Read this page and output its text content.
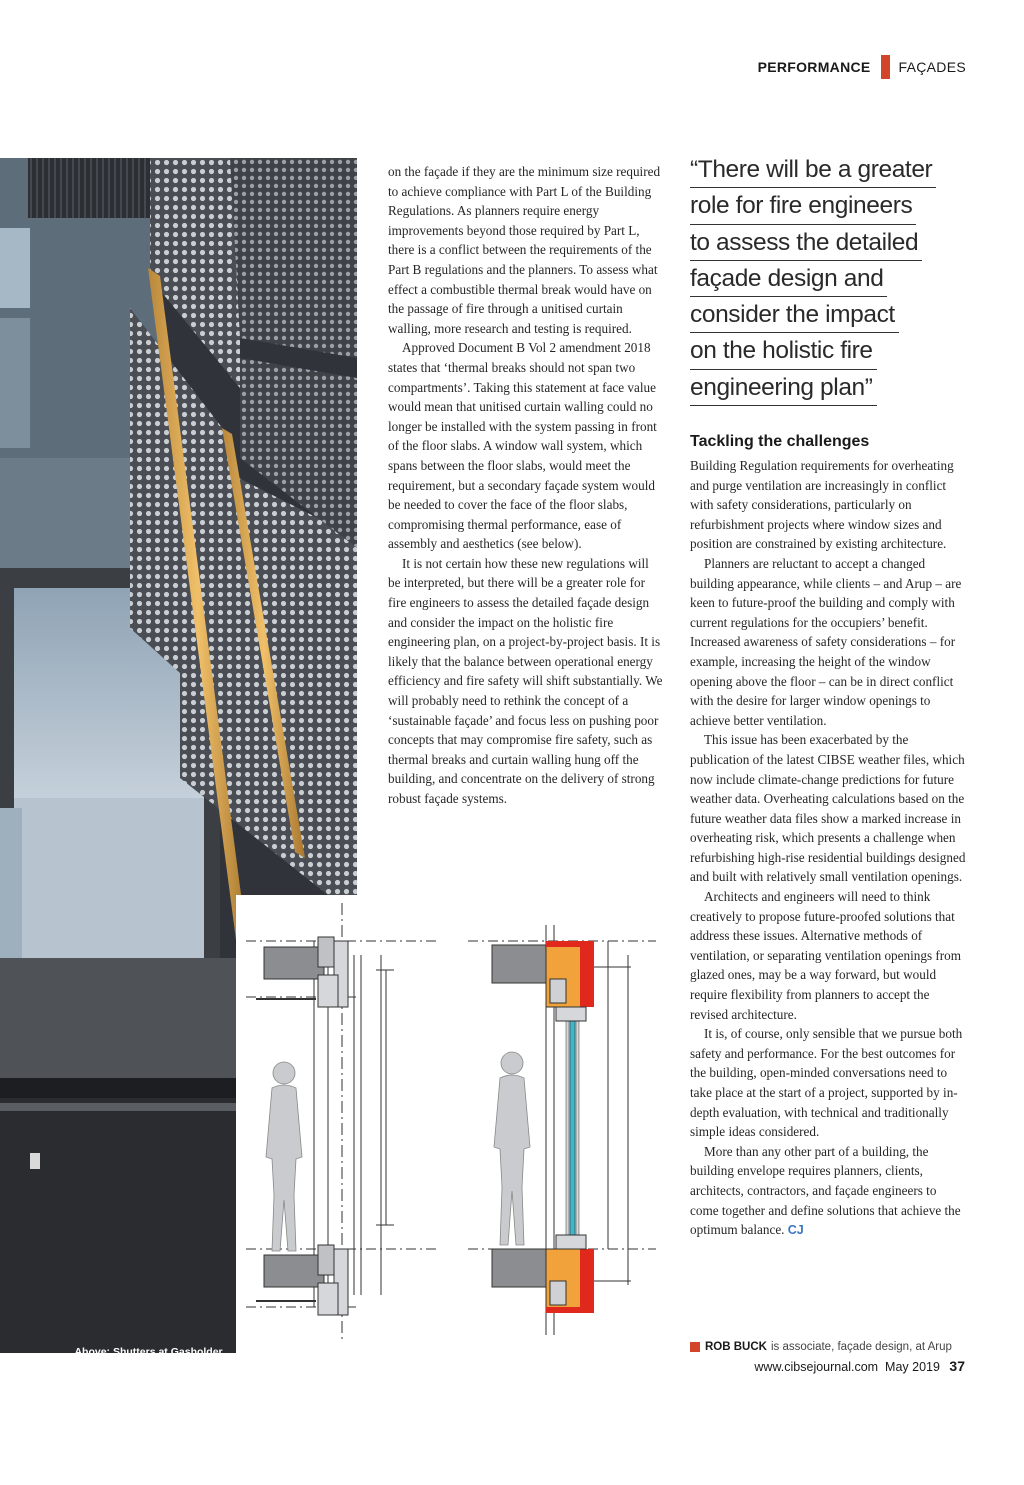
PERFORMANCE FAÇADES
Above: Shutters at Gasholder,
King's Cross
Right: Unitised curtain
walling system, with the
system set out in front of
the floor slab on the left, and
a window wall system on
the right, with the window
supported between the slabs

on the façade if they are the minimum size required to achieve compliance with Part L of the Building Regulations. As planners require energy improvements beyond those required by Part L, there is a conflict between the requirements of the Part B regulations and the planners. To assess what effect a combustible thermal break would have on the passage of fire through a unitised curtain walling, more research and testing is required.

Approved Document B Vol 2 amendment 2018 states that ‘thermal breaks should not span two compartments’. Taking this statement at face value would mean that unitised curtain walling could no longer be installed with the system passing in front of the floor slabs. A window wall system, which spans between the floor slabs, would meet the requirement, but a secondary façade system would be needed to cover the face of the floor slabs, compromising thermal performance, ease of assembly and aesthetics (see below).

It is not certain how these new regulations will be interpreted, but there will be a greater role for fire engineers to assess the detailed façade design and consider the impact on the holistic fire engineering plan, on a project-by-project basis. It is likely that the balance between operational energy efficiency and fire safety will shift substantially. We will probably need to rethink the concept of a ‘sustainable façade’ and focus less on pushing poor concepts that may compromise fire safety, such as thermal breaks and curtain walling hung off the building, and concentrate on the delivery of strong robust façade systems.

“There will be a greater
role for fire engineers
to assess the detailed
façade design and
consider the impact
on the holistic fire
engineering plan”
Tackling the challenges

Building Regulation requirements for overheating and purge ventilation are increasingly in conflict with safety considerations, particularly on refurbishment projects where window sizes and position are constrained by existing architecture.

Planners are reluctant to accept a changed building appearance, while clients – and Arup – are keen to future-proof the building and comply with current regulations for the occupiers’ benefit. Increased awareness of safety considerations – for example, increasing the height of the window opening above the floor – can be in direct conflict with the desire for larger window openings to achieve better ventilation.

This issue has been exacerbated by the publication of the latest CIBSE weather files, which now include climate-change predictions for future weather data. Overheating calculations based on the future weather data files show a marked increase in overheating risk, which presents a challenge when refurbishing high-rise residential buildings designed and built with relatively small ventilation openings.

Architects and engineers will need to think creatively to propose future-proofed solutions that address these issues. Alternative methods of ventilation, or separating ventilation openings from glazed ones, may be a way forward, but would require flexibility from planners to accept the revised architecture.

It is, of course, only sensible that we pursue both safety and performance. For the best outcomes for the building, open-minded conversations need to take place at the start of a project, supported by in-depth evaluation, with technical and traditionally simple ideas considered.

More than any other part of a building, the building envelope requires planners, clients, architects, contractors, and façade engineers to come together and define solutions that achieve the optimum balance. CJ

ROB BUCK is associate, façade design, at Arup
www.cibsejournal.com May 2019 37
